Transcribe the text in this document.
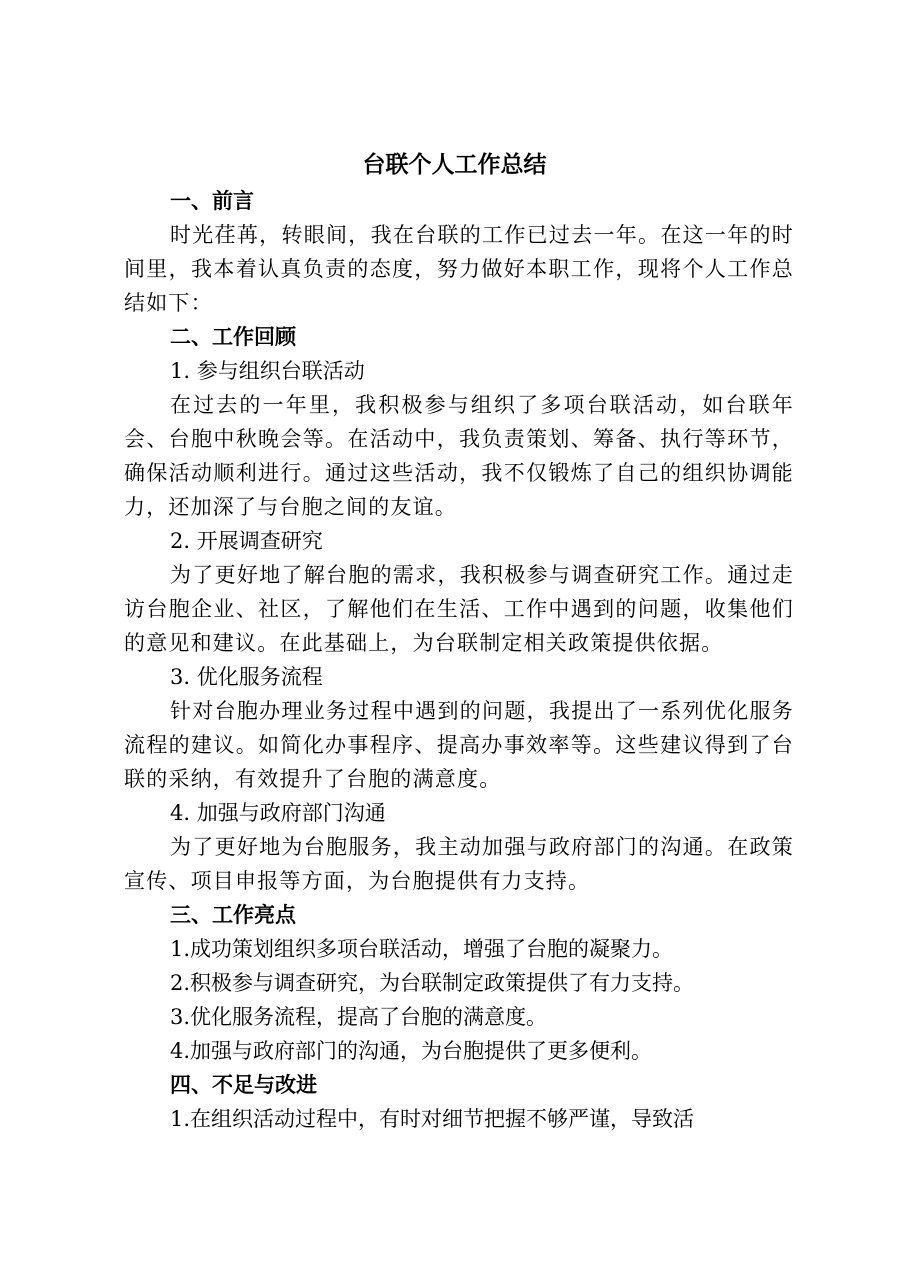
台联个人工作总结
一、前言
时光荏苒，转眼间，我在台联的工作已过去一年。在这一年的时间里，我本着认真负责的态度，努力做好本职工作，现将个人工作总结如下：
二、工作回顾
1. 参与组织台联活动
在过去的一年里，我积极参与组织了多项台联活动，如台联年会、台胞中秋晚会等。在活动中，我负责策划、筹备、执行等环节，确保活动顺利进行。通过这些活动，我不仅锻炼了自己的组织协调能力，还加深了与台胞之间的友谊。
2. 开展调查研究
为了更好地了解台胞的需求，我积极参与调查研究工作。通过走访台胞企业、社区，了解他们在生活、工作中遇到的问题，收集他们的意见和建议。在此基础上，为台联制定相关政策提供依据。
3. 优化服务流程
针对台胞办理业务过程中遇到的问题，我提出了一系列优化服务流程的建议。如简化办事程序、提高办事效率等。这些建议得到了台联的采纳，有效提升了台胞的满意度。
4. 加强与政府部门沟通
为了更好地为台胞服务，我主动加强与政府部门的沟通。在政策宣传、项目申报等方面，为台胞提供有力支持。
三、工作亮点
1.成功策划组织多项台联活动，增强了台胞的凝聚力。
2.积极参与调查研究，为台联制定政策提供了有力支持。
3.优化服务流程，提高了台胞的满意度。
4.加强与政府部门的沟通，为台胞提供了更多便利。
四、不足与改进
1.在组织活动过程中，有时对细节把握不够严谨，导致活
